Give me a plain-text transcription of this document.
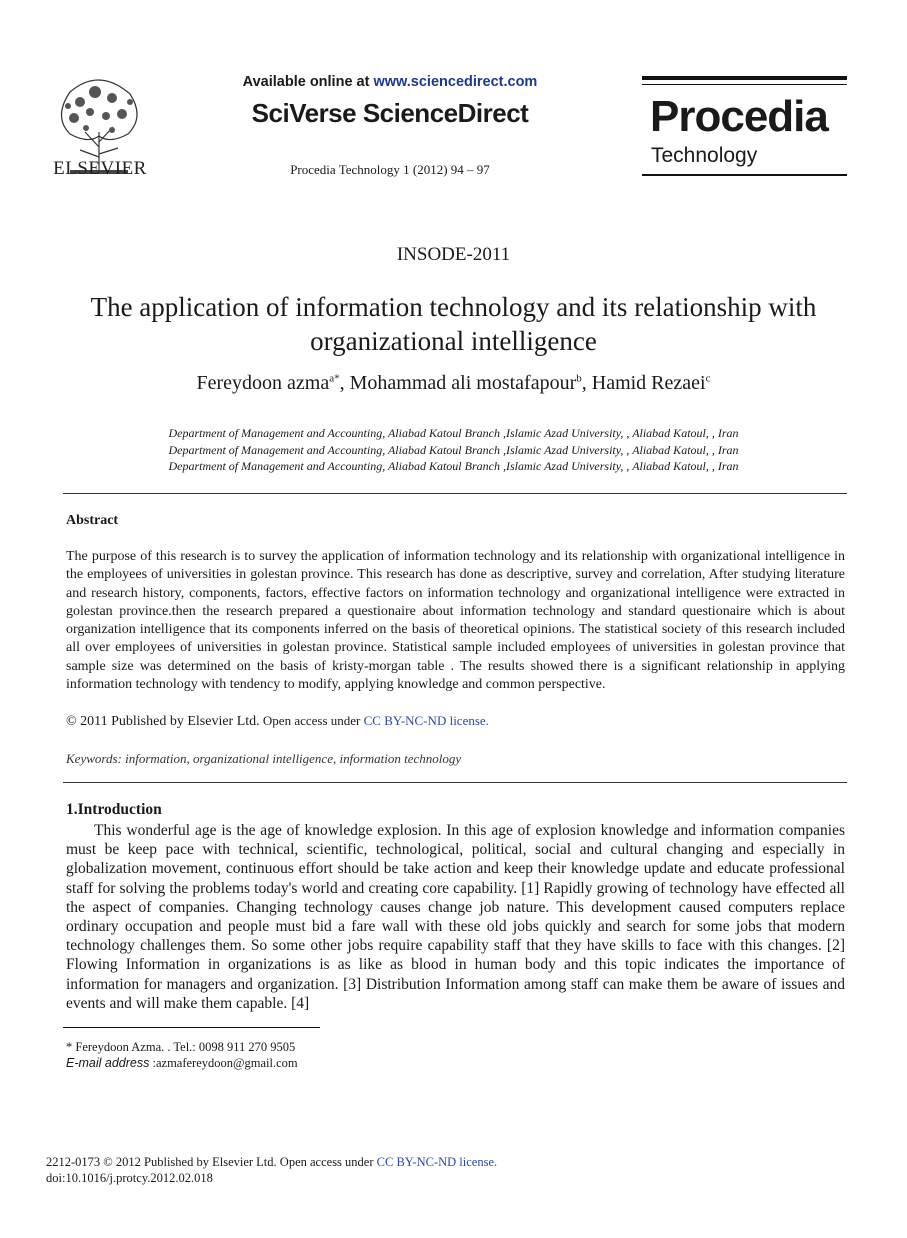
ELSEVIER
Available online at www.sciencedirect.com
SciVerse ScienceDirect
Procedia Technology 1 (2012) 94 – 97
Procedia
Technology
INSODE-2011
The application of information technology and its relationship with organizational intelligence
Fereydoon azma$^{a*}$, Mohammad ali mostafapour$^b$, Hamid Rezaei$^c$
Department of Management and Accounting, Aliabad Katoul Branch ,Islamic Azad University, , Aliabad Katoul, , Iran
Department of Management and Accounting, Aliabad Katoul Branch ,Islamic Azad University, , Aliabad Katoul, , Iran
Department of Management and Accounting, Aliabad Katoul Branch ,Islamic Azad University, , Aliabad Katoul, , Iran
Abstract
The purpose of this research is to survey the application of information technology and its relationship with organizational intelligence in the employees of universities in golestan province. This research has done as descriptive, survey and correlation, After studying literature and research history, components, factors, effective factors on information technology and organizational intelligence were extracted in golestan province.then the research prepared a questionaire about information technology and standard questionaire which is about organization intelligence that its components inferred on the basis of theoretical opinions. The statistical society of this research included all over employees of universities in golestan province. Statistical sample included employees of universities in golestan province that sample size was determined on the basis of kristy-morgan table . The results showed there is a significant relationship in applying information technology with tendency to modify, applying knowledge and common perspective.
© 2011 Published by Elsevier Ltd. Open access under CC BY-NC-ND license.
Keywords: information, organizational intelligence, information technology
1.Introduction
This wonderful age is the age of knowledge explosion. In this age of explosion knowledge and information companies must be keep pace with technical, scientific, technological, political, social and cultural changing and especially in globalization movement, continuous effort should be take action and keep their knowledge update and educate professional staff for solving the problems today's world and creating core capability. [1] Rapidly growing of technology have effected all the aspect of companies. Changing technology causes change job nature. This development caused computers replace ordinary occupation and people must bid a fare wall with these old jobs quickly and search for some jobs that modern technology challenges them. So some other jobs require capability staff that they have skills to face with this changes. [2] Flowing Information in organizations is as like as blood in human body and this topic indicates the importance of information for managers and organization. [3] Distribution Information among staff can make them be aware of issues and events and will make them capable. [4]
* Fereydoon Azma. . Tel.: 0098 911 270 9505
E-mail address :azmafereydoon@gmail.com
2212-0173 © 2012 Published by Elsevier Ltd. Open access under CC BY-NC-ND license.
doi:10.1016/j.protcy.2012.02.018
